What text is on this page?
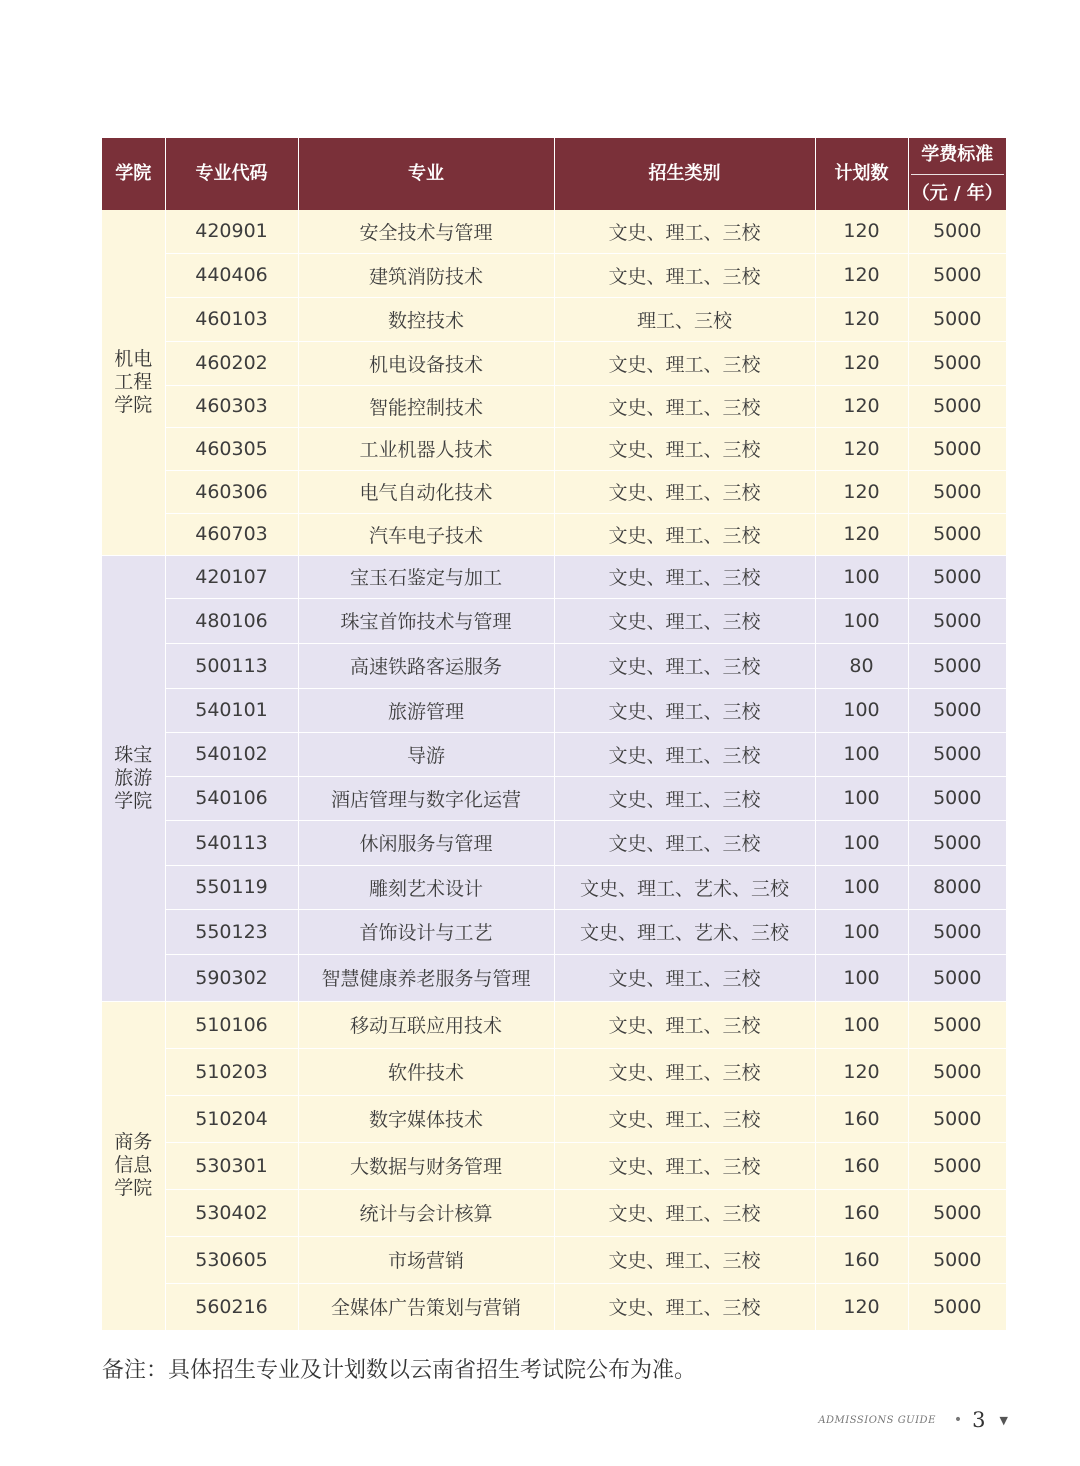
学院	专业代码	专业	招生类别	计划数	学费标准
（元 / 年）

机电
工程
学院	420901	安全技术与管理	文史、理工、三校	120	5000
	440406	建筑消防技术	文史、理工、三校	120	5000
	460103	数控技术	理工、三校	120	5000
	460202	机电设备技术	文史、理工、三校	120	5000
	460303	智能控制技术	文史、理工、三校	120	5000
	460305	工业机器人技术	文史、理工、三校	120	5000
	460306	电气自动化技术	文史、理工、三校	120	5000
	460703	汽车电子技术	文史、理工、三校	120	5000

珠宝
旅游
学院	420107	宝玉石鉴定与加工	文史、理工、三校	100	5000
	480106	珠宝首饰技术与管理	文史、理工、三校	100	5000
	500113	高速铁路客运服务	文史、理工、三校	80	5000
	540101	旅游管理	文史、理工、三校	100	5000
	540102	导游	文史、理工、三校	100	5000
	540106	酒店管理与数字化运营	文史、理工、三校	100	5000
	540113	休闲服务与管理	文史、理工、三校	100	5000
	550119	雕刻艺术设计	文史、理工、艺术、三校	100	8000
	550123	首饰设计与工艺	文史、理工、艺术、三校	100	5000
	590302	智慧健康养老服务与管理	文史、理工、三校	100	5000

商务
信息
学院	510106	移动互联应用技术	文史、理工、三校	100	5000
	510203	软件技术	文史、理工、三校	120	5000
	510204	数字媒体技术	文史、理工、三校	160	5000
	530301	大数据与财务管理	文史、理工、三校	160	5000
	530402	统计与会计核算	文史、理工、三校	160	5000
	530605	市场营销	文史、理工、三校	160	5000
	560216	全媒体广告策划与营销	文史、理工、三校	120	5000
备注：具体招生专业及计划数以云南省招生考试院公布为准。
ADMISSIONS GUIDE • 3 ▼
